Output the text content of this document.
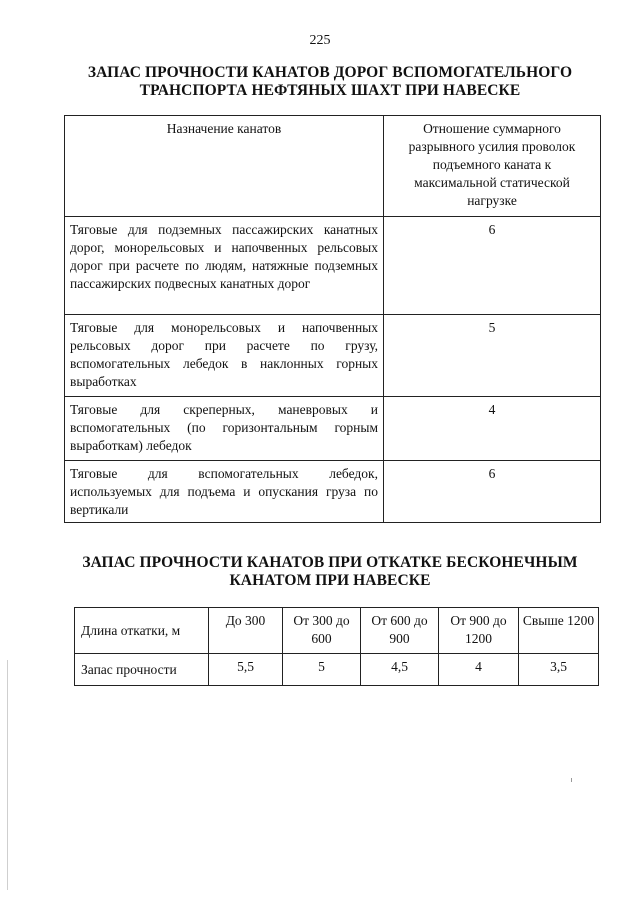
225
ЗАПАС ПРОЧНОСТИ КАНАТОВ ДОРОГ ВСПОМОГАТЕЛЬНОГО
ТРАНСПОРТА НЕФТЯНЫХ ШАХТ ПРИ НАВЕСКЕ
Назначение канатов	Отношение суммарного разрывного усилия проволок подъемного каната к максимальной статической нагрузке
Тяговые для подземных пассажирских канатных дорог, монорельсовых и напочвенных рельсовых дорог при расчете по людям, натяжные подземных пассажирских подвесных канатных дорог	6
Тяговые для монорельсовых и напочвенных рельсовых дорог при расчете по грузу, вспомогательных лебедок в наклонных горных выработках	5
Тяговые для скреперных, маневровых и вспомогательных (по горизонтальным горным выработкам) лебедок	4
Тяговые для вспомогательных лебедок, используемых для подъема и опускания груза по вертикали	6
ЗАПАС ПРОЧНОСТИ КАНАТОВ ПРИ ОТКАТКЕ БЕСКОНЕЧНЫМ
КАНАТОМ ПРИ НАВЕСКЕ
Длина откатки, м	До 300	От 300 до 600	От 600 до 900	От 900 до 1200	Свыше 1200
Запас прочности	5,5	5	4,5	4	3,5
